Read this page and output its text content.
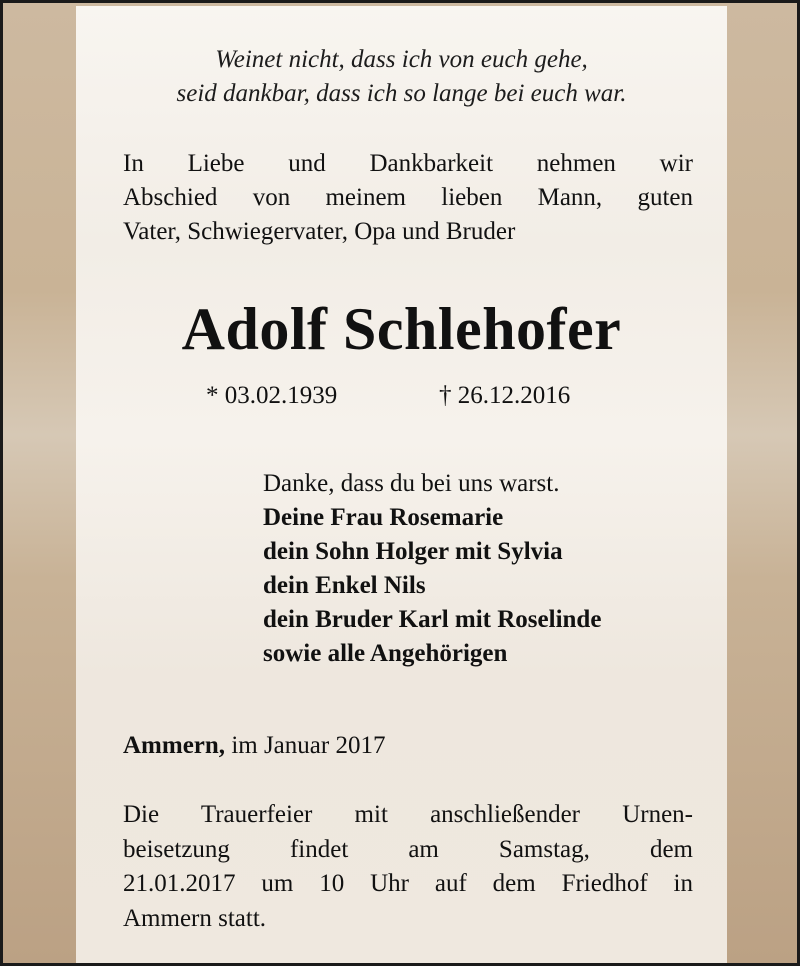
Weinet nicht, dass ich von euch gehe,
seid dankbar, dass ich so lange bei euch war.
In Liebe und Dankbarkeit nehmen wir
Abschied von meinem lieben Mann, guten
Vater, Schwiegervater, Opa und Bruder
Adolf Schlehofer
* 03.02.1939	† 26.12.2016
Danke, dass du bei uns warst.
Deine Frau Rosemarie
dein Sohn Holger mit Sylvia
dein Enkel Nils
dein Bruder Karl mit Roselinde
sowie alle Angehörigen
Ammern, im Januar 2017
Die Trauerfeier mit anschließender Urnen-
beisetzung findet am Samstag, dem
21.01.2017 um 10 Uhr auf dem Friedhof in
Ammern statt.
